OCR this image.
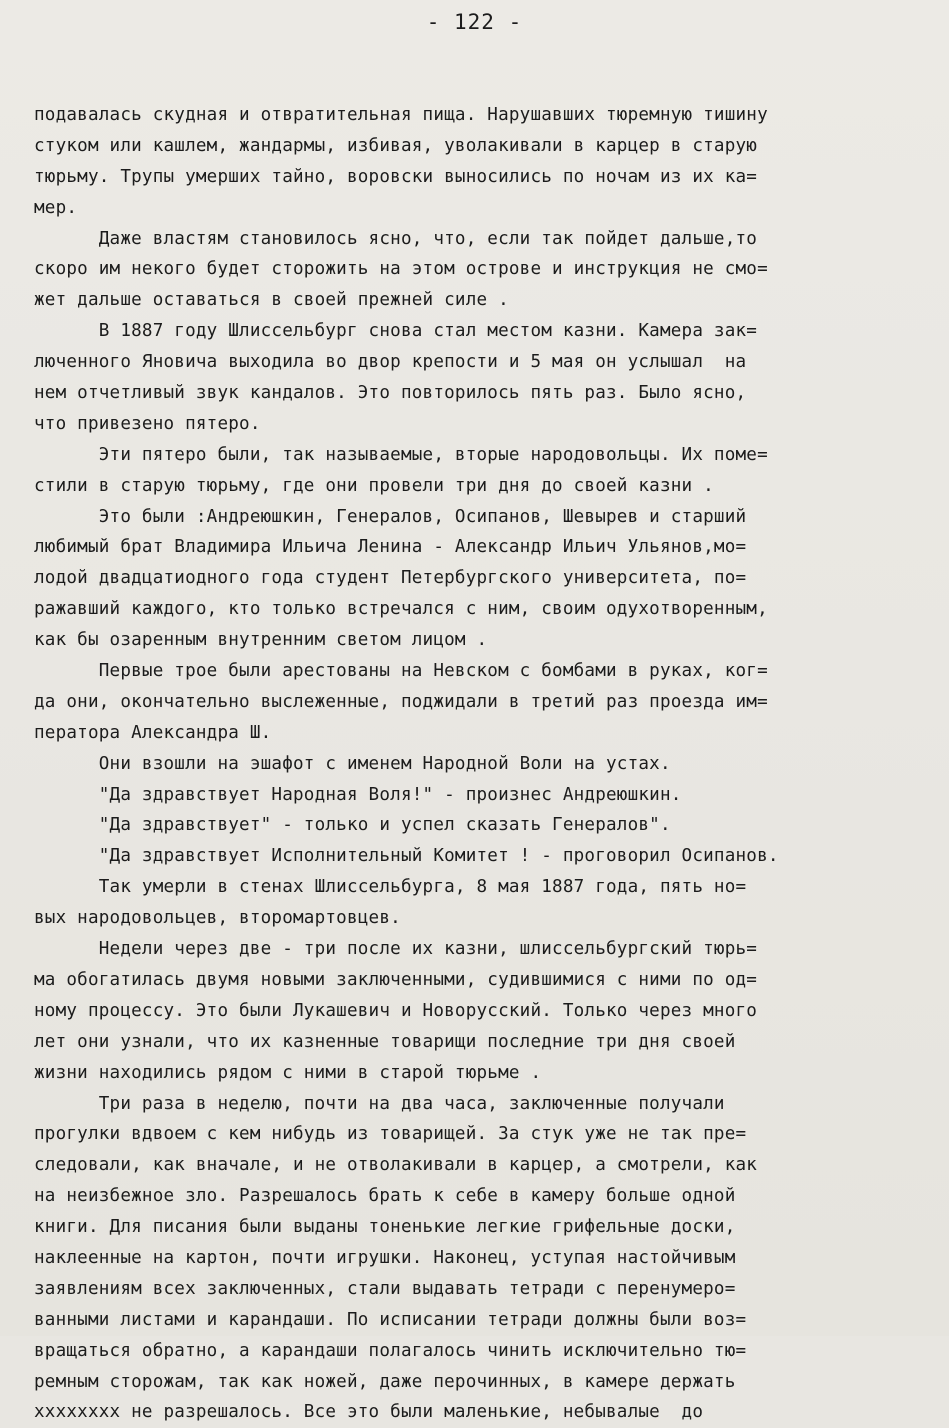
- 122 -
подавалась скудная и отвратительная пища. Нарушавших тюремную тишину
стуком или кашлем, жандармы, избивая, уволакивали в карцер в старую
тюрьму. Трупы умерших тайно, воровски выносились по ночам из их ка=
мер.
Даже властям становилось ясно, что, если так пойдет дальше,то
скоро им некого будет сторожить на этом острове и инструкция не смо=
жет дальше оставаться в своей прежней силе .
В 1887 году Шлиссельбург снова стал местом казни. Камера зак=
люченного Яновича выходила во двор крепости и 5 мая он услышал  на
нем отчетливый звук кандалов. Это повторилось пять раз. Было ясно,
что привезено пятеро.
Эти пятеро были, так называемые, вторые народовольцы. Их поме=
стили в старую тюрьму, где они провели три дня до своей казни .
Это были :Андреюшкин, Генералов, Осипанов, Шевырев и старший
любимый брат Владимира Ильича Ленина - Александр Ильич Ульянов,мо=
лодой двадцатиодного года студент Петербургского университета, по=
ражавший каждого, кто только встречался с ним, своим одухотворенным,
как бы озаренным внутренним светом лицом .
Первые трое были арестованы на Невском с бомбами в руках, ког=
да они, окончательно выслеженные, поджидали в третий раз проезда им=
ператора Александра Ш.
Они взошли на эшафот с именем Народной Воли на устах.
"Да здравствует Народная Воля!" - произнес Андреюшкин.
"Да здравствует" - только и успел сказать Генералов".
"Да здравствует Исполнительный Комитет ! - проговорил Осипанов.
Так умерли в стенах Шлиссельбурга, 8 мая 1887 года, пять но=
вых народовольцев, второмартовцев.
Недели через две - три после их казни, шлиссельбургский тюрь=
ма обогатилась двумя новыми заключенными, судившимися с ними по од=
ному процессу. Это были Лукашевич и Новорусский. Только через много
лет они узнали, что их казненные товарищи последние три дня своей
жизни находились рядом с ними в старой тюрьме .
Три раза в неделю, почти на два часа, заключенные получали
прогулки вдвоем с кем нибудь из товарищей. За стук уже не так пре=
следовали, как вначале, и не отволакивали в карцер, а смотрели, как
на неизбежное зло. Разрешалось брать к себе в камеру больше одной
книги. Для писания были выданы тоненькие легкие грифельные доски,
наклеенные на картон, почти игрушки. Наконец, уступая настойчивым
заявлениям всех заключенных, стали выдавать тетради с перенумеро=
ванными листами и карандаши. По исписании тетради должны были воз=
вращаться обратно, а карандаши полагалось чинить исключительно тю=
ремным сторожам, так как ножей, даже перочинных, в камере держать
хххххххх не разрешалось. Все это были маленькие, небывалые  до
